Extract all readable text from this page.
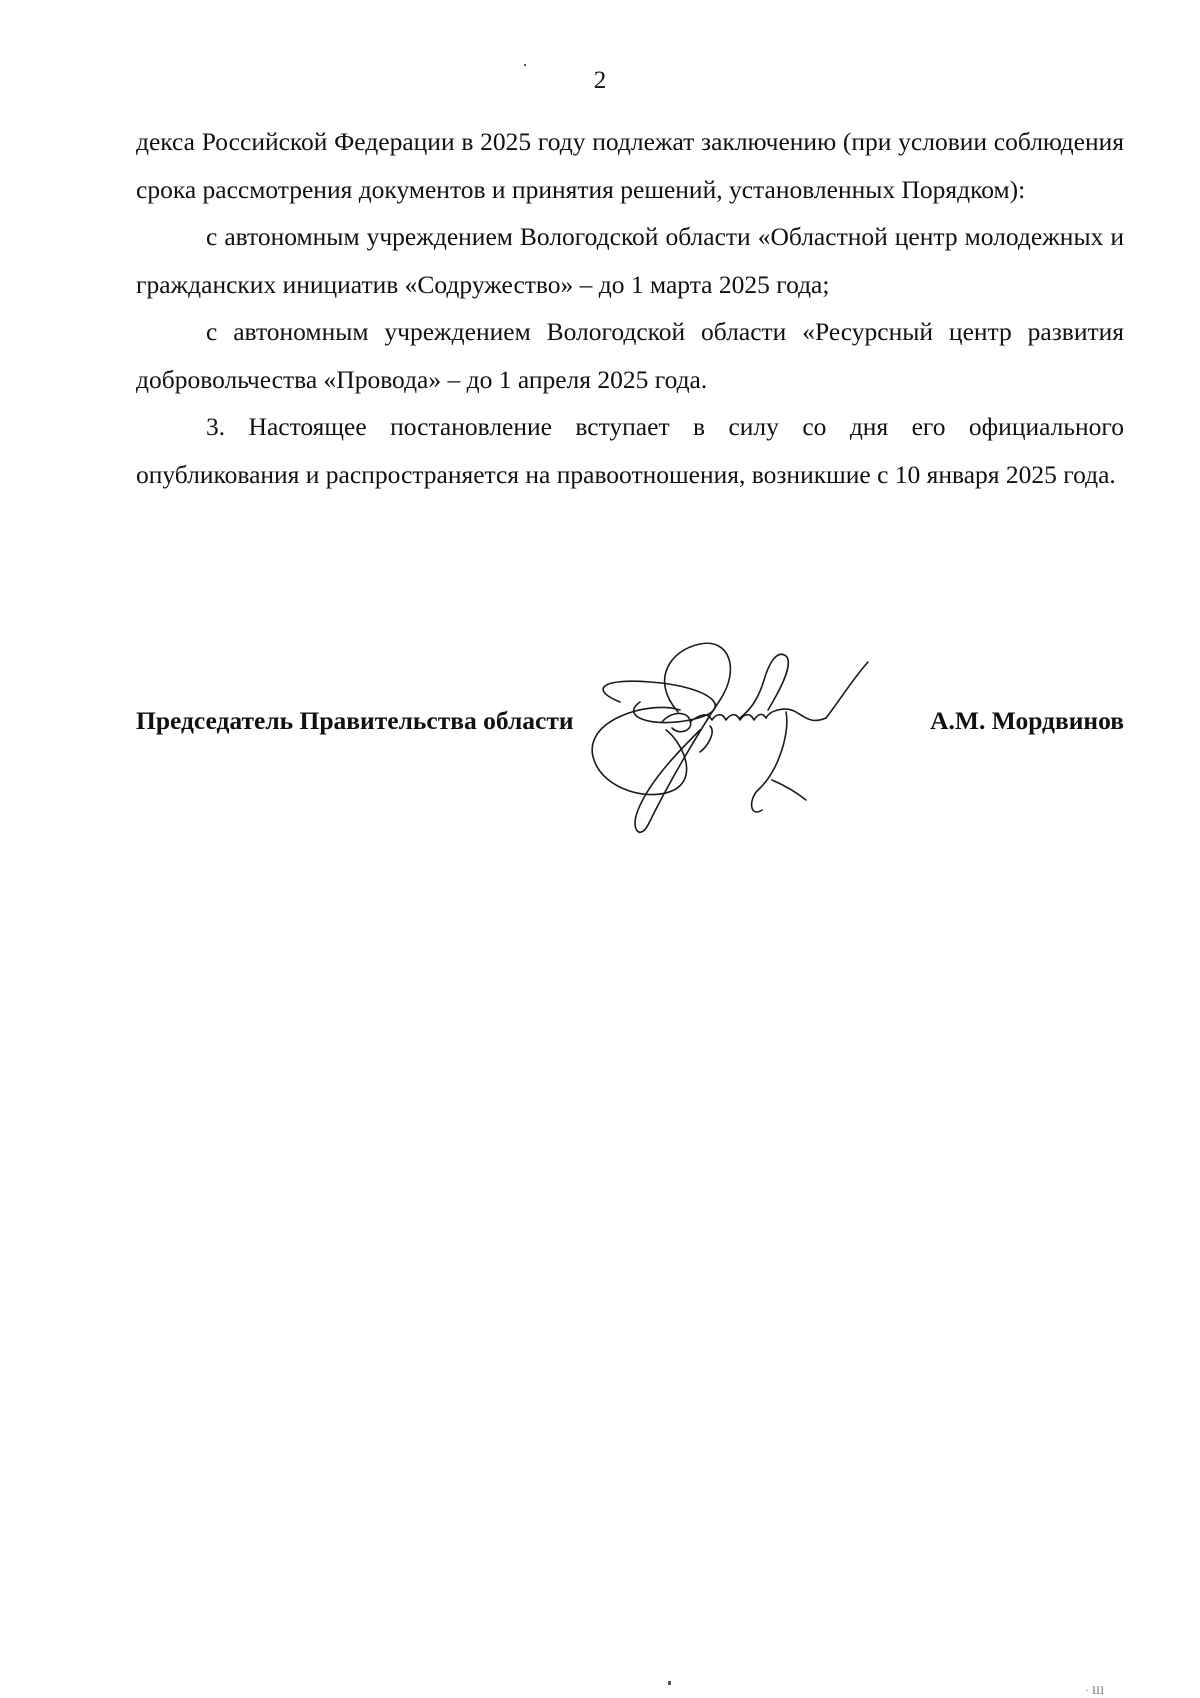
2

декса Российской Федерации в 2025 году подлежат заключению (при условии соблюдения срока рассмотрения документов и принятия решений, установленных Порядком):

с автономным учреждением Вологодской области «Областной центр молодежных и гражданских инициатив «Содружество» – до 1 марта 2025 года;

с автономным учреждением Вологодской области «Ресурсный центр развития добровольчества «Провода» – до 1 апреля 2025 года.

3. Настоящее постановление вступает в силу со дня его официального опубликования и распространяется на правоотношения, возникшие с 10 января 2025 года.

Председатель Правительства области	А.М. Мордвинов
· Ш
